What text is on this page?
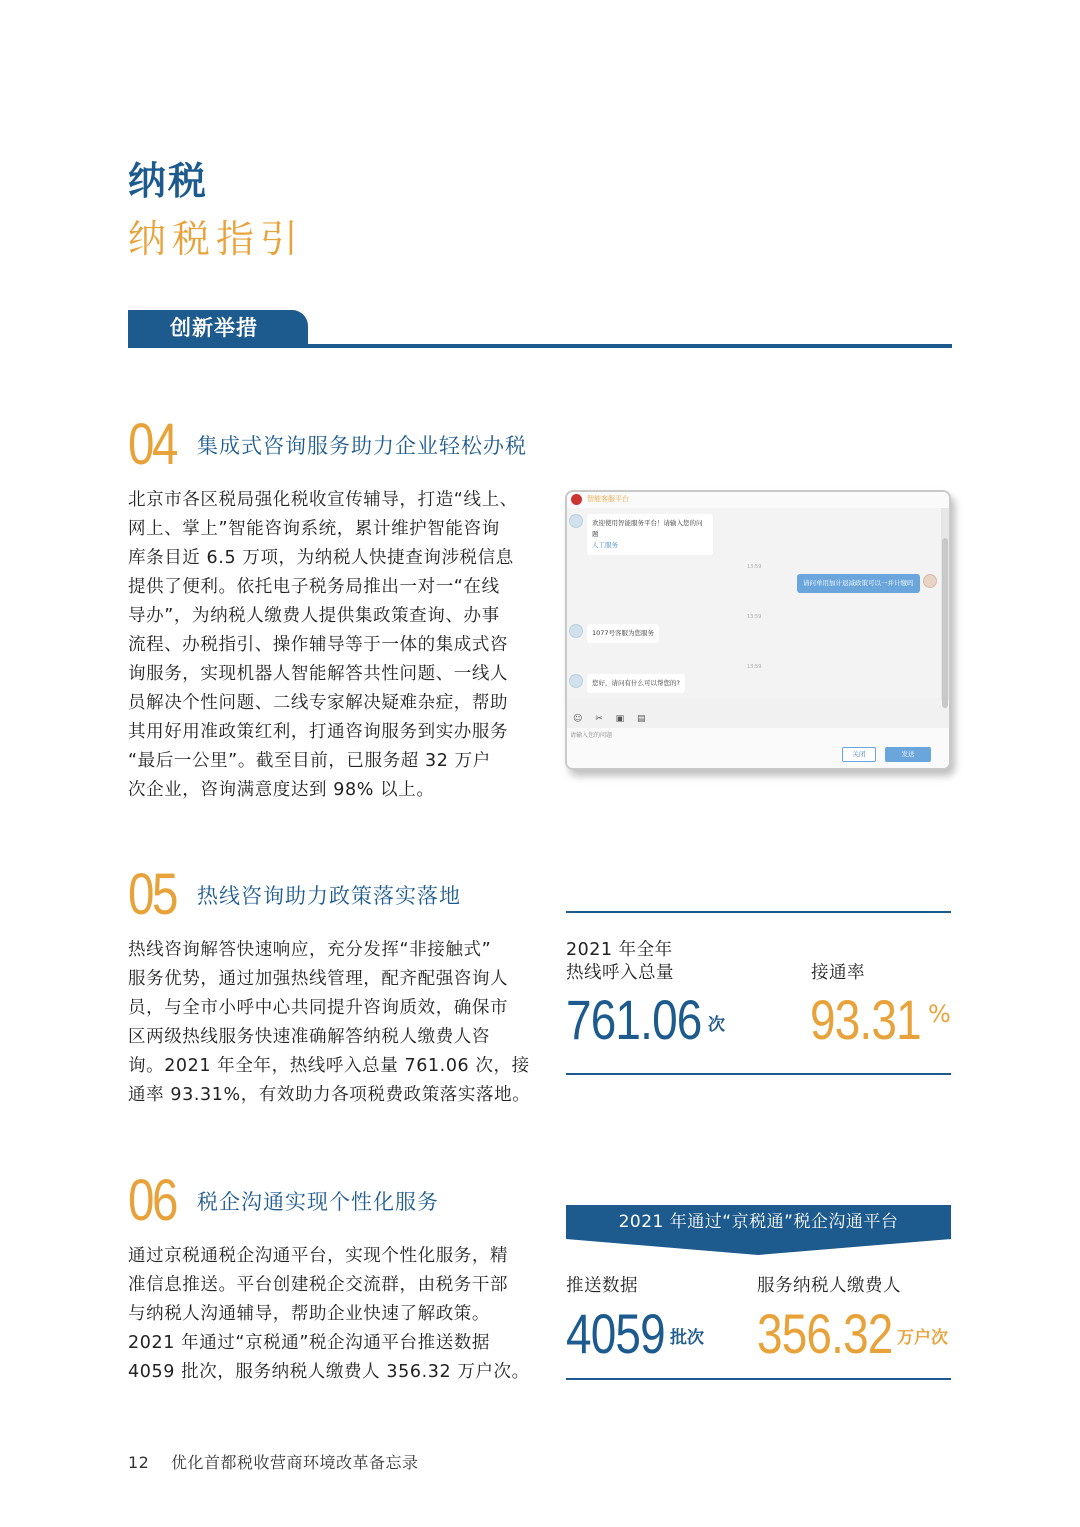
纳税
纳税指引
创新举措
04 集成式咨询服务助力企业轻松办税
北京市各区税局强化税收宣传辅导，打造“线上、
网上、掌上”智能咨询系统，累计维护智能咨询
库条目近 6.5 万项，为纳税人快捷查询涉税信息
提供了便利。依托电子税务局推出一对一“在线
导办”，为纳税人缴费人提供集政策查询、办事
流程、办税指引、操作辅导等于一体的集成式咨
询服务，实现机器人智能解答共性问题、一线人
员解决个性问题、二线专家解决疑难杂症，帮助
其用好用准政策红利，打通咨询服务到实办服务
“最后一公里”。截至目前，已服务超 32 万户
次企业，咨询满意度达到 98% 以上。
智能客服平台
欢迎使用智能服务平台！请输入您的问题
人工服务
13:59
请问单用加计退减政策可以一并计缴吗
13:59
1077号客服为您服务
13:59
您好，请问有什么可以帮您的?
☺ ✂ ▣ ▤
请输入您的问题
关闭	发送
05 热线咨询助力政策落实落地
热线咨询解答快速响应，充分发挥“非接触式”
服务优势，通过加强热线管理，配齐配强咨询人
员，与全市小呼中心共同提升咨询质效，确保市
区两级热线服务快速准确解答纳税人缴费人咨
询。2021 年全年，热线呼入总量 761.06 次，接
通率 93.31%，有效助力各项税费政策落实落地。
2021 年全年
热线呼入总量	接通率
761.06 次 93.31 %
06 税企沟通实现个性化服务
通过京税通税企沟通平台，实现个性化服务，精
准信息推送。平台创建税企交流群，由税务干部
与纳税人沟通辅导，帮助企业快速了解政策。
2021 年通过“京税通”税企沟通平台推送数据
4059 批次，服务纳税人缴费人 356.32 万户次。
2021 年通过“京税通”税企沟通平台
推送数据	服务纳税人缴费人
4059 批次 356.32 万户次
12 优化首都税收营商环境改革备忘录
